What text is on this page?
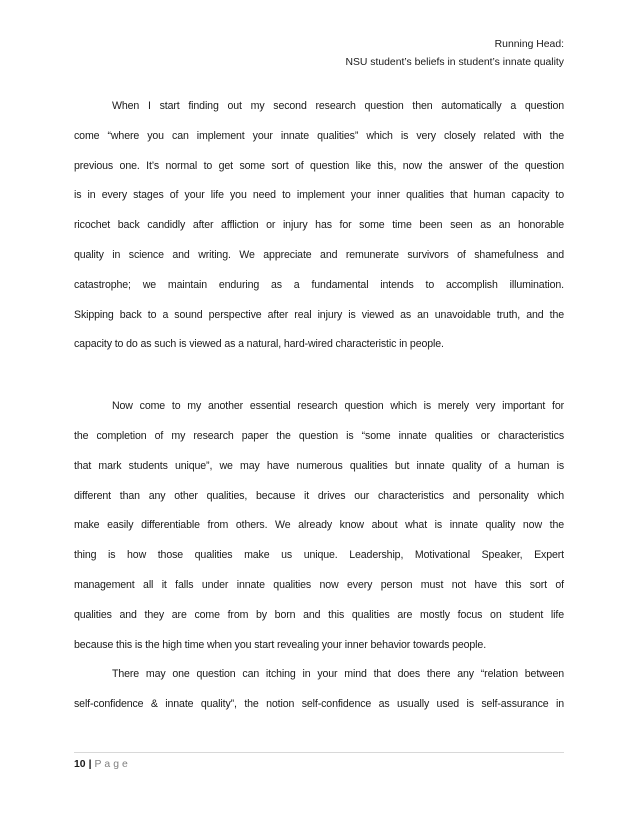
Running Head:
NSU student’s beliefs in student’s innate quality
When I start finding out my second research question then automatically a question
come “where you can implement your innate qualities” which is very closely related with the
previous one. It’s normal to get some sort of question like this, now the answer of the question
is in every stages of your life you need to implement your inner qualities that human capacity to
ricochet back candidly after affliction or injury has for some time been seen as an honorable
quality in science and writing. We appreciate and remunerate survivors of shamefulness and
catastrophe; we maintain enduring as a fundamental intends to accomplish illumination.
Skipping back to a sound perspective after real injury is viewed as an unavoidable truth, and the
capacity to do as such is viewed as a natural, hard-wired characteristic in people.
Now come to my another essential research question which is merely very important for
the completion of my research paper the question is “some innate qualities or characteristics
that mark students unique”, we may have numerous qualities but innate quality of a human is
different than any other qualities, because it drives our characteristics and personality which
make easily differentiable from others. We already know about what is innate quality now the
thing is how those qualities make us unique. Leadership, Motivational Speaker, Expert
management all it falls under innate qualities now every person must not have this sort of
qualities and they are come from by born and this qualities are mostly focus on student life
because this is the high time when you start revealing your inner behavior towards people.
There may one question can itching in your mind that does there any “relation between
self-confidence & innate quality”, the notion self-confidence as usually used is self-assurance in
10 | Page
